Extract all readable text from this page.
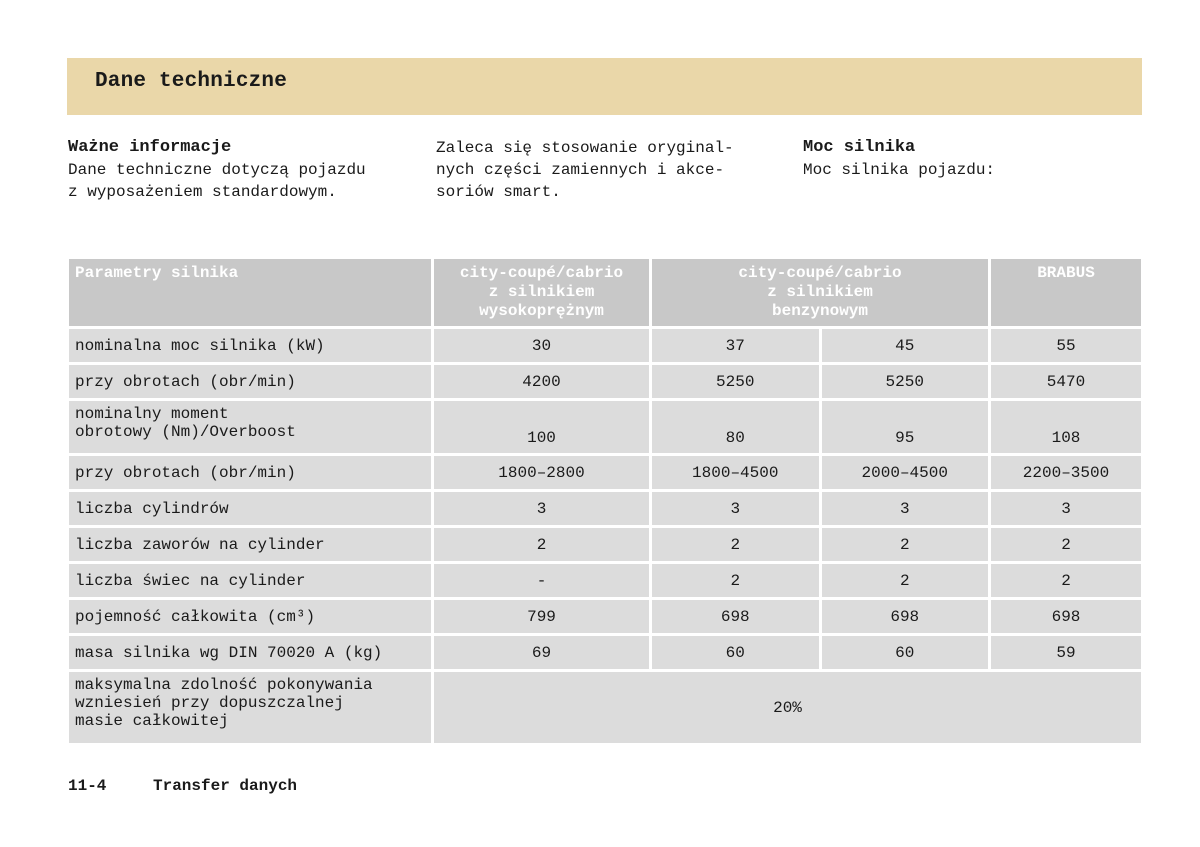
Dane techniczne
Ważne informacje
Dane techniczne dotyczą pojazdu
z wyposażeniem standardowym.
Zaleca się stosowanie oryginal-
nych części zamiennych i akce-
soriów smart.
Moc silnika
Moc silnika pojazdu:
Parametry silnika	city-coupé/cabrio
z silnikiem
wysokoprężnym	city-coupé/cabrio
z silnikiem
benzynowym		BRABUS
nominalna moc silnika (kW)	30	37	45	55
przy obrotach (obr/min)	4200	5250	5250	5470
nominalny moment
obrotowy (Nm)/Overboost	100	80	95	108
przy obrotach (obr/min)	1800–2800	1800–4500	2000–4500	2200–3500
liczba cylindrów	3	3	3	3
liczba zaworów na cylinder	2	2	2	2
liczba świec na cylinder	-	2	2	2
pojemność całkowita (cm³)	799	698	698	698
masa silnika wg DIN 70020 A (kg)	69	60	60	59
maksymalna zdolność pokonywania
wzniesień przy dopuszczalnej
masie całkowitej	20%			
11-4	Transfer danych
